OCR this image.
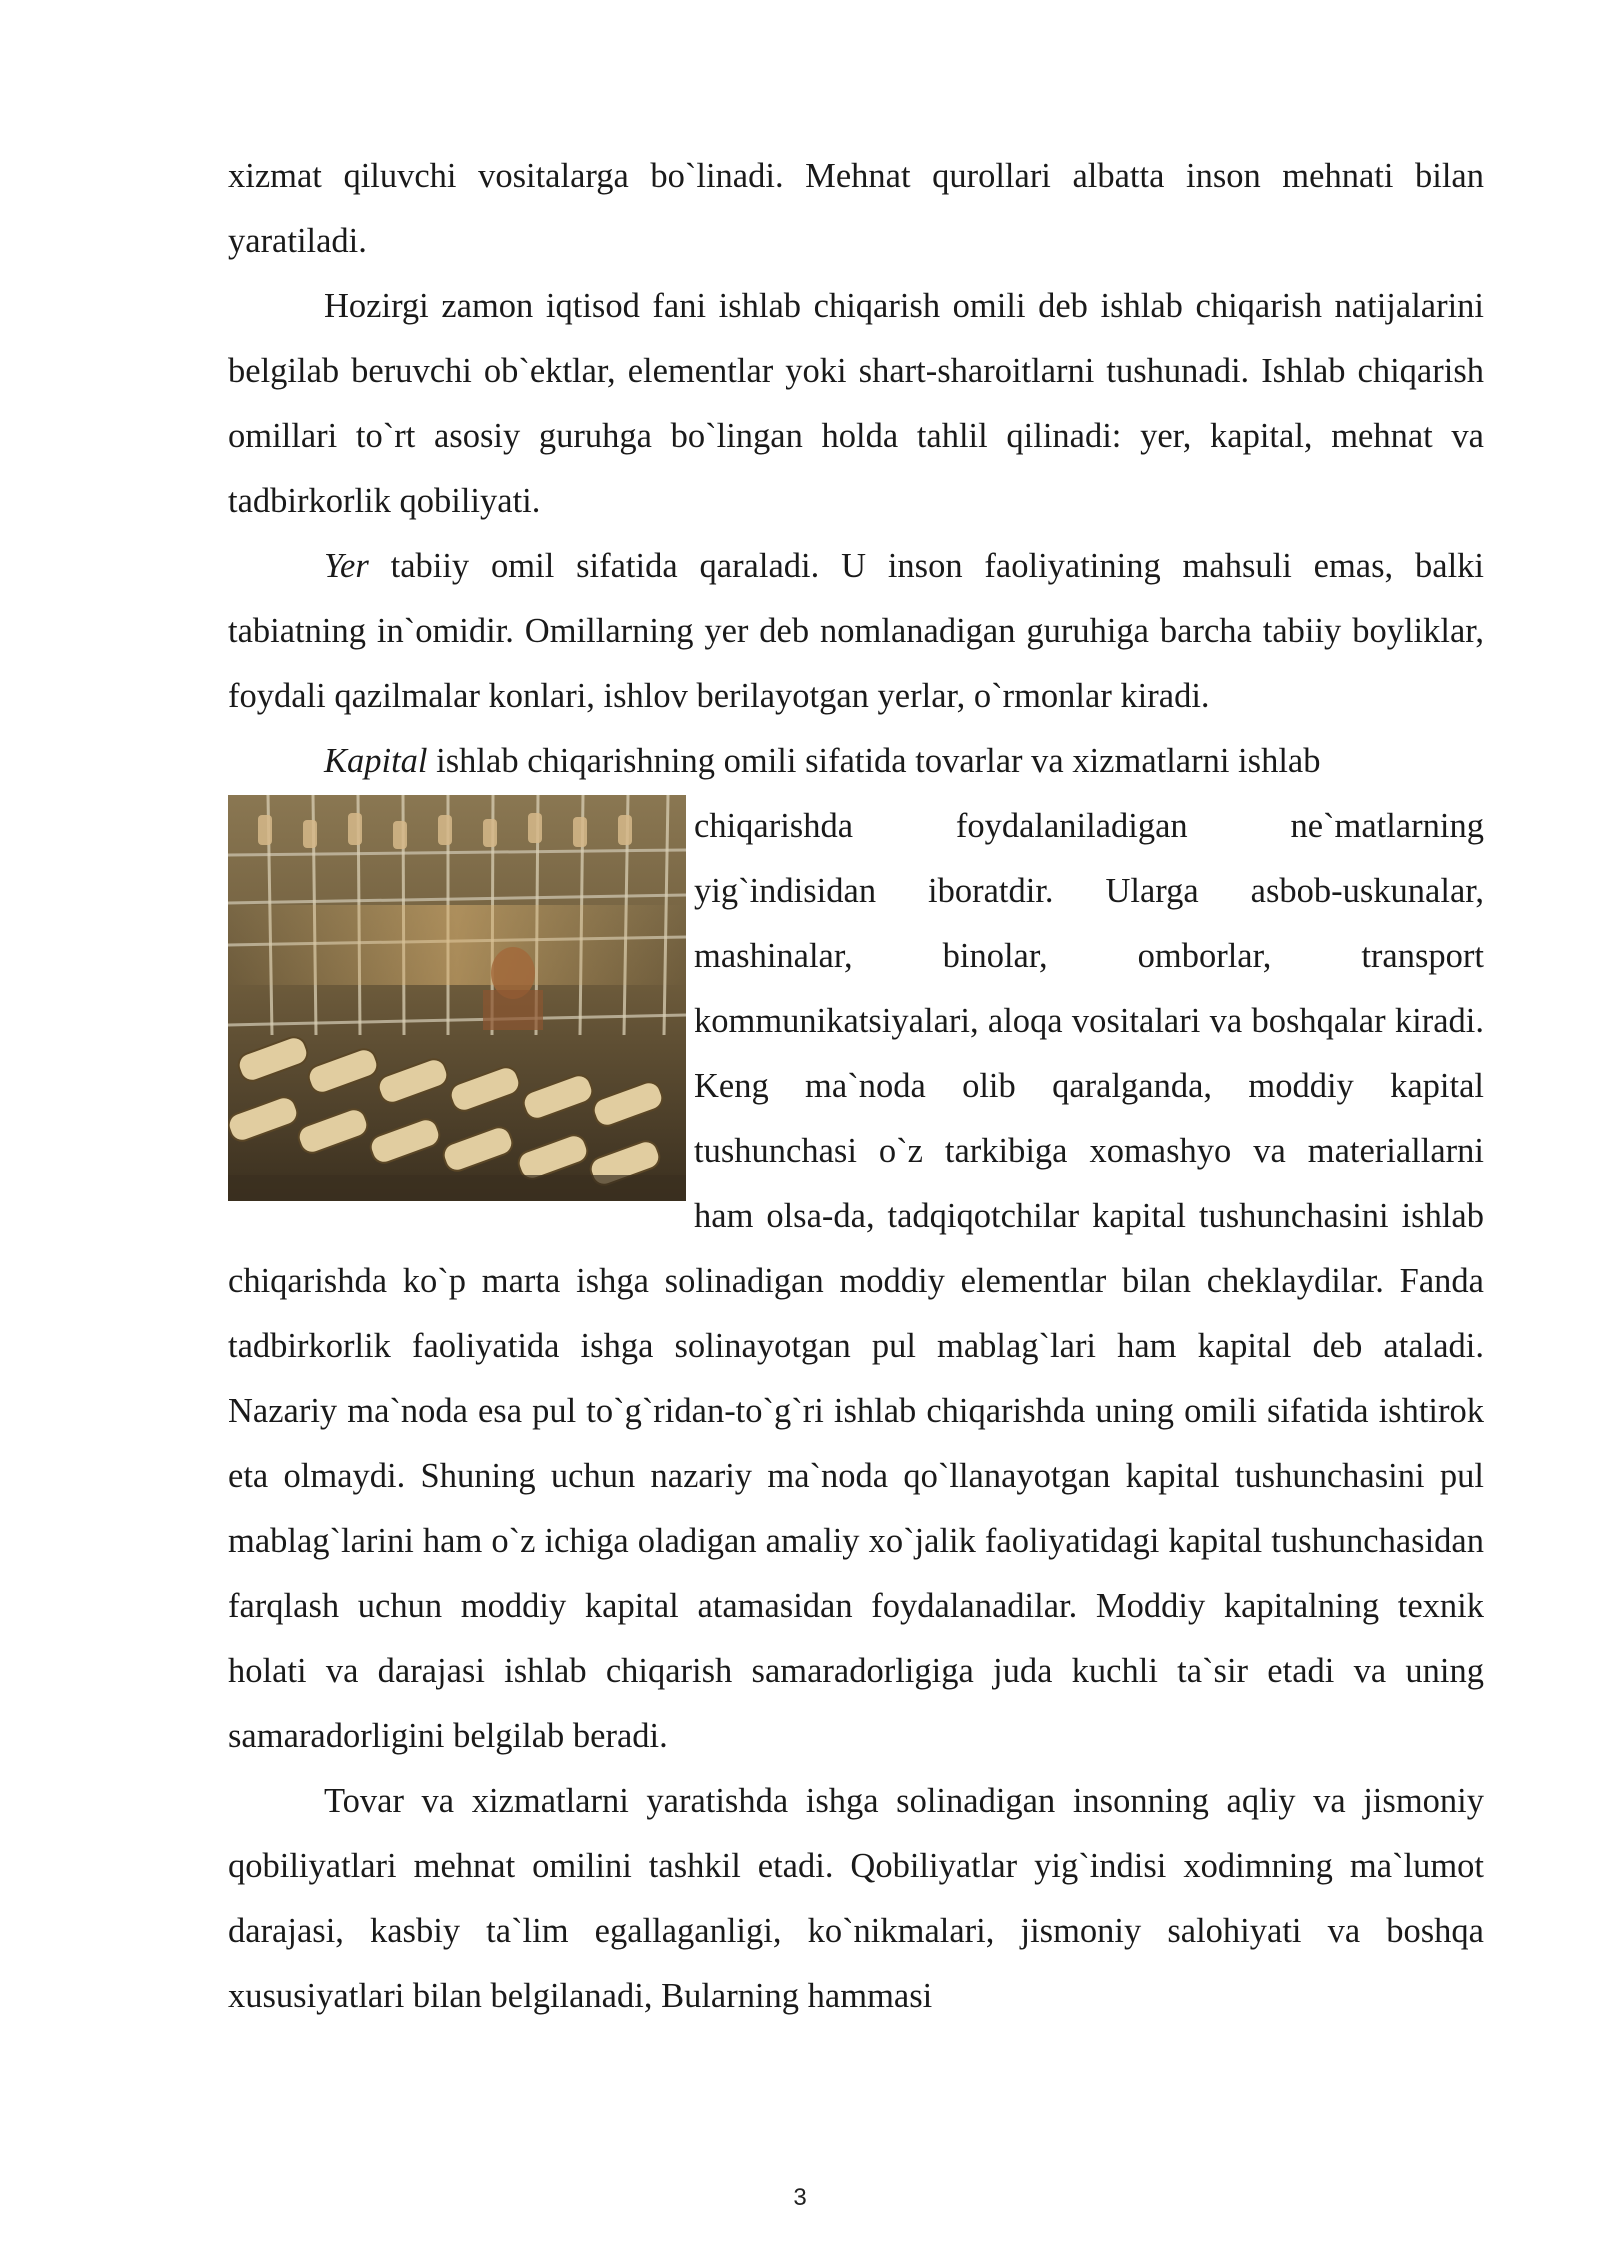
xizmat qiluvchi vositalarga bo`linadi. Mehnat qurollari albatta inson mehnati bilan yaratiladi.

Hozirgi zamon iqtisod fani ishlab chiqarish omili deb ishlab chiqarish natijalarini belgilab beruvchi ob`ektlar, elementlar yoki shart-sharoitlarni tushunadi. Ishlab chiqarish omillari to`rt asosiy guruhga bo`lingan holda tahlil qilinadi: yer, kapital, mehnat va tadbirkorlik qobiliyati.

Yer tabiiy omil sifatida qaraladi. U inson faoliyatining mahsuli emas, balki tabiatning in`omidir. Omillarning yer deb nomlanadigan guruhiga barcha tabiiy boyliklar, foydali qazilmalar konlari, ishlov berilayotgan yerlar, o`rmonlar kiradi.

Kapital ishlab chiqarishning omili sifatida tovarlar va xizmatlarni ishlab

chiqarishda foydalaniladigan ne`matlarning yig`indisidan iboratdir. Ularga asbob-uskunalar, mashinalar, binolar, omborlar, transport kommunikatsiyalari, aloqa vositalari va boshqalar kiradi. Keng ma`noda olib qaralganda, moddiy kapital tushunchasi o`z tarkibiga xomashyo va materiallarni ham olsa-da, tadqiqotchilar kapital tushunchasini ishlab chiqarishda ko`p marta ishga solinadigan moddiy elementlar bilan cheklaydilar. Fanda tadbirkorlik faoliyatida ishga solinayotgan pul mablag`lari ham kapital deb ataladi. Nazariy ma`noda esa pul to`g`ridan-to`g`ri ishlab chiqarishda uning omili sifatida ishtirok eta olmaydi. Shuning uchun nazariy ma`noda qo`llanayotgan kapital tushunchasini pul mablag`larini ham o`z ichiga oladigan amaliy xo`jalik faoliyatidagi kapital tushunchasidan farqlash uchun moddiy kapital atamasidan foydalanadilar. Moddiy kapitalning texnik holati va darajasi ishlab chiqarish samaradorligiga juda kuchli ta`sir etadi va uning samaradorligini belgilab beradi.

Tovar va xizmatlarni yaratishda ishga solinadigan insonning aqliy va jismoniy qobiliyatlari mehnat omilini tashkil etadi. Qobiliyatlar yig`indisi xodimning ma`lumot darajasi, kasbiy ta`lim egallaganligi, ko`nikmalari, jismoniy salohiyati va boshqa xususiyatlari bilan belgilanadi, Bularning hammasi

3
